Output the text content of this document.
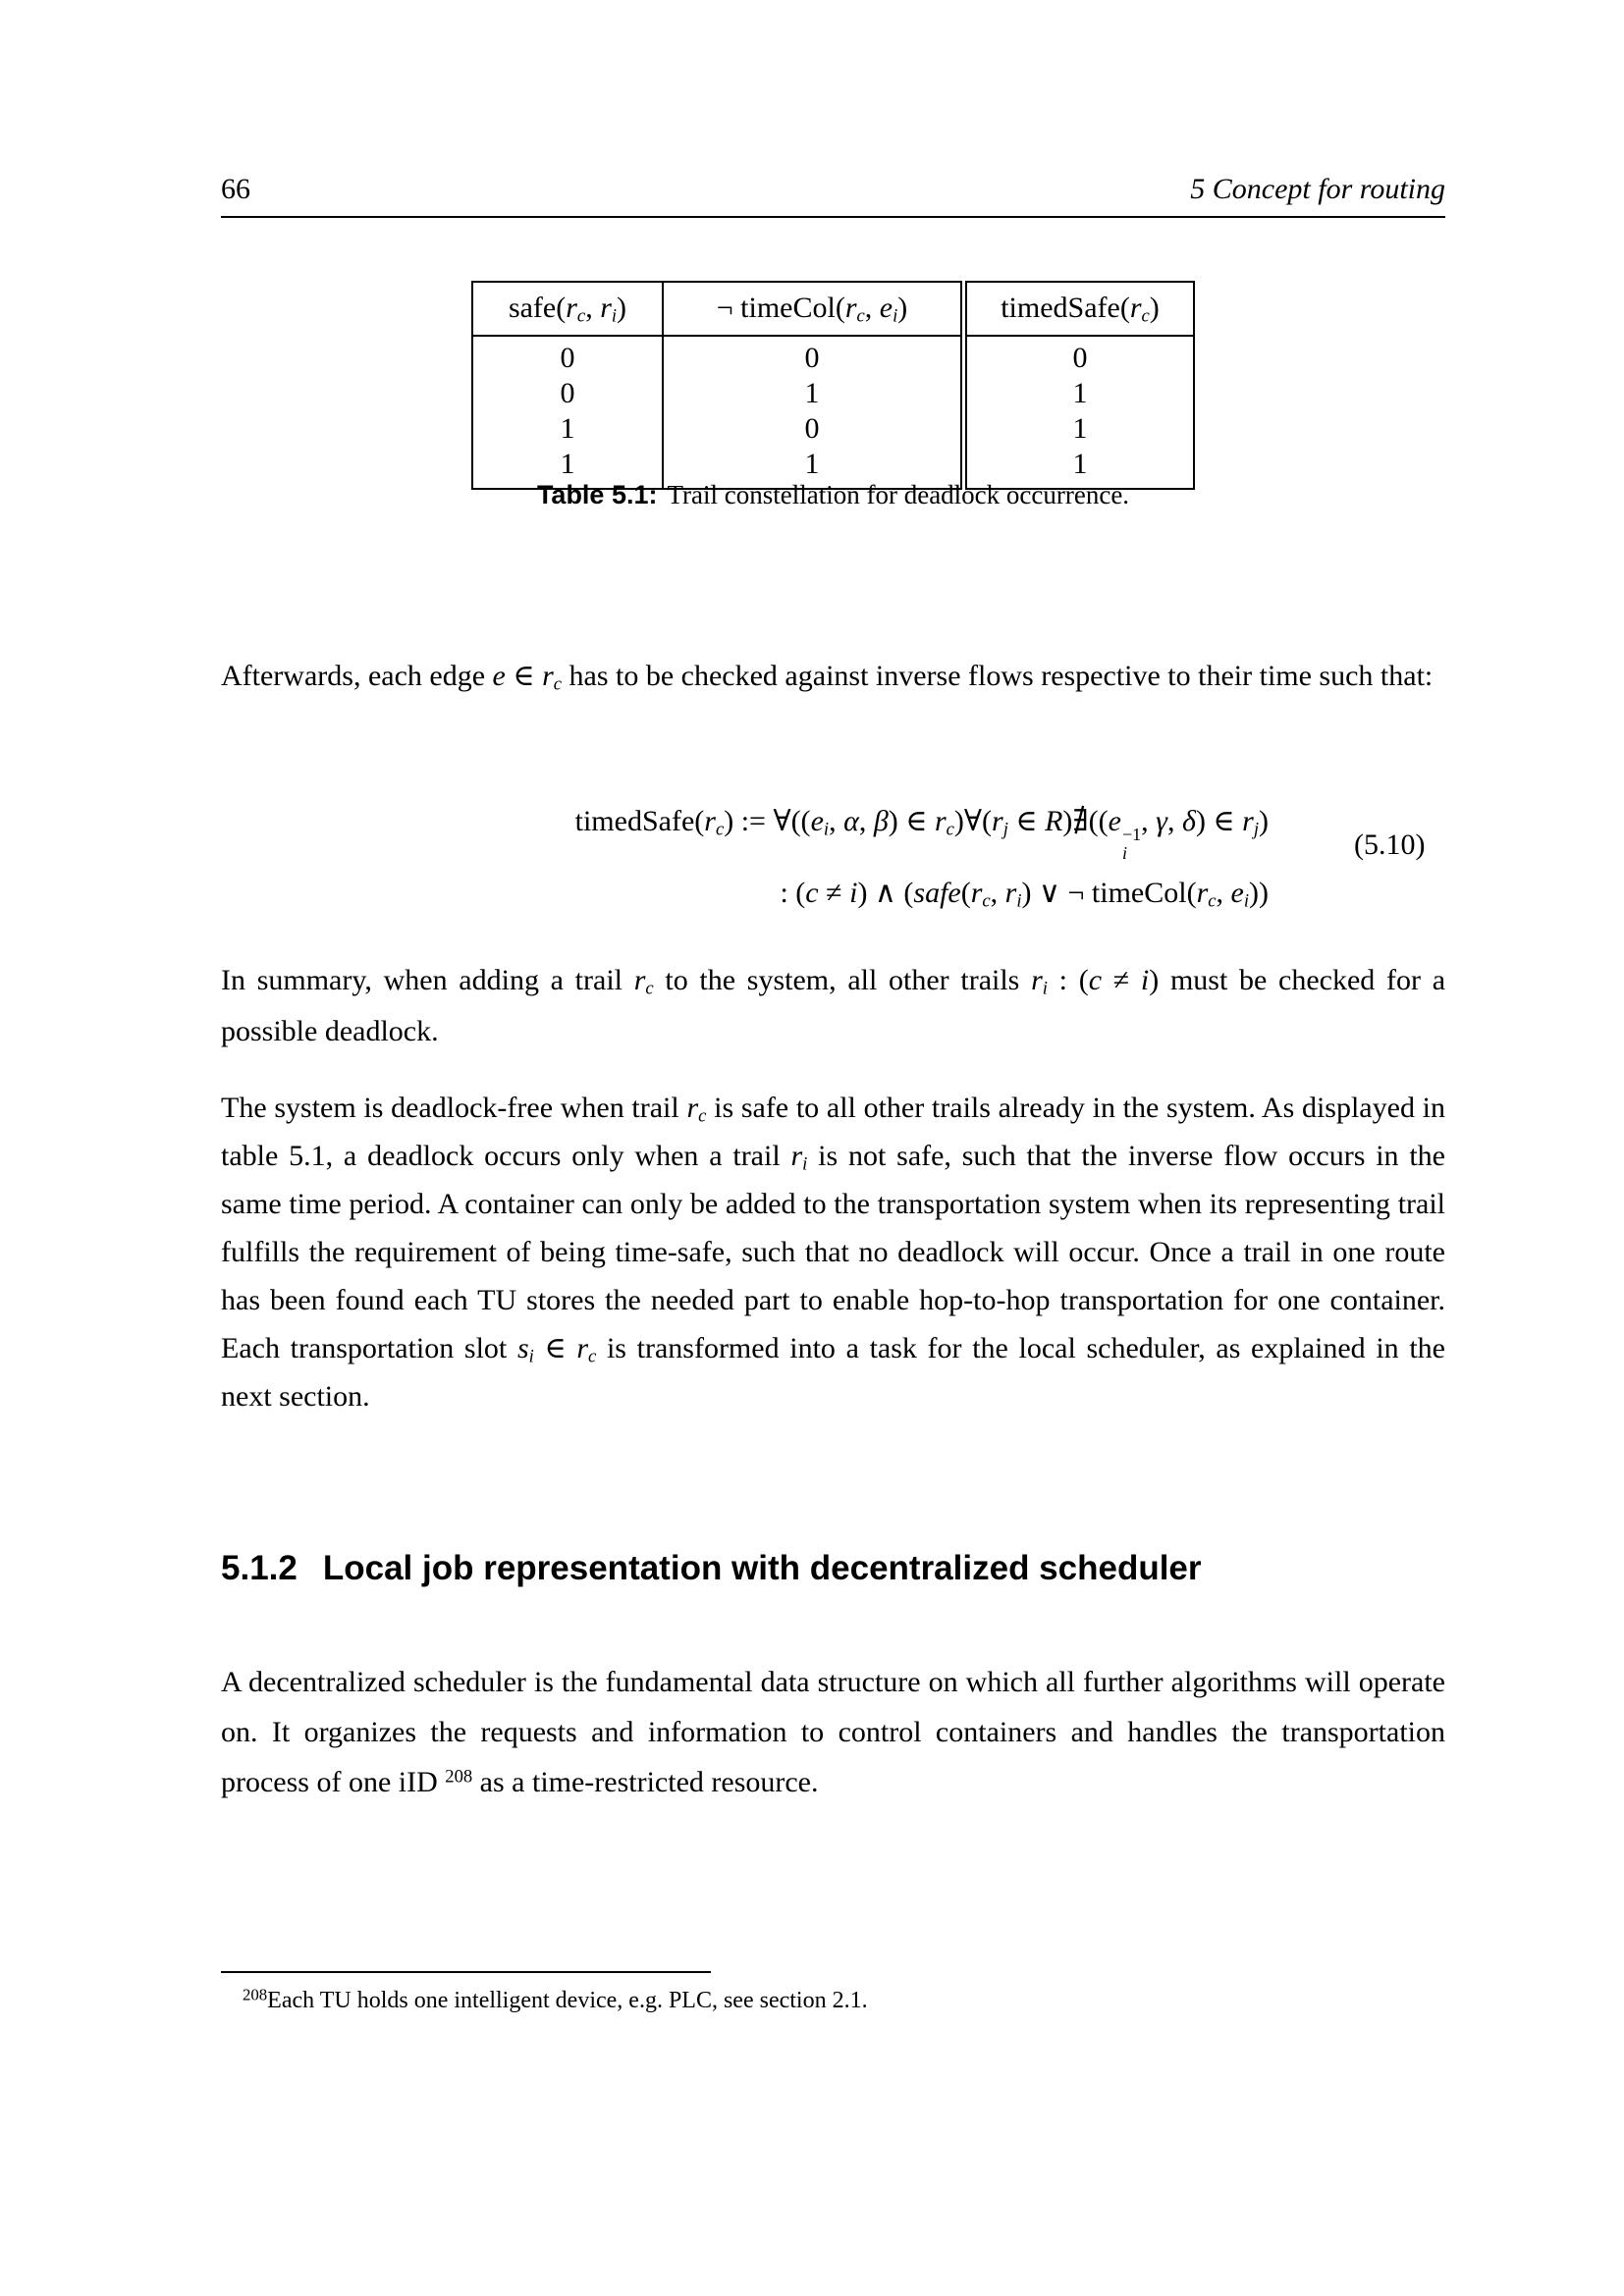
66	5 Concept for routing
$safe(r_c$, $r_i$)	¬ $timeCol(r_c$, $e_i$)	$timedSafe(r_c)$
0	0	0
0	1	1
1	0	1
1	1	1
Table 5.1: Trail constellation for deadlock occurrence.
Afterwards, each edge e ∈ $r_c$ has to be checked against inverse flows respective to their time such that:
$timedSafe(r_c)$ := $\forall((e_i$, α, β) ∈ $r_c)\forall(r_j$ ∈ R)∄((e −1
i
, γ, δ) ∈ $r_j$)
: (c ≠ i) ∧ ($safe(r_c$, $r_i$) ∨ ¬ $timeCol(r_c$, $e_i$))
(5.10)
In summary, when adding a trail $r_c$ to the system, all other trails $r_i$ : (c ≠ i) must be checked for a possible deadlock.
The system is deadlock-free when trail $r_c$ is safe to all other trails already in the system. As displayed in table 5.1, a deadlock occurs only when a trail $r_i$ is not safe, such that the inverse flow occurs in the same time period. A container can only be added to the transportation system when its representing trail fulfills the requirement of being time-safe, such that no deadlock will occur. Once a trail in one route has been found each TU stores the needed part to enable hop-to-hop transportation for one container. Each transportation slot $s_i$ ∈ $r_c$ is transformed into a task for the local scheduler, as explained in the next section.
5.1.2 Local job representation with decentralized scheduler
A decentralized scheduler is the fundamental data structure on which all further algorithms will operate on. It organizes the requests and information to control containers and handles the transportation process of one iID $^{208}$ as a time-restricted resource.
$^{208}$Each TU holds one intelligent device, e.g. PLC, see section 2.1.
